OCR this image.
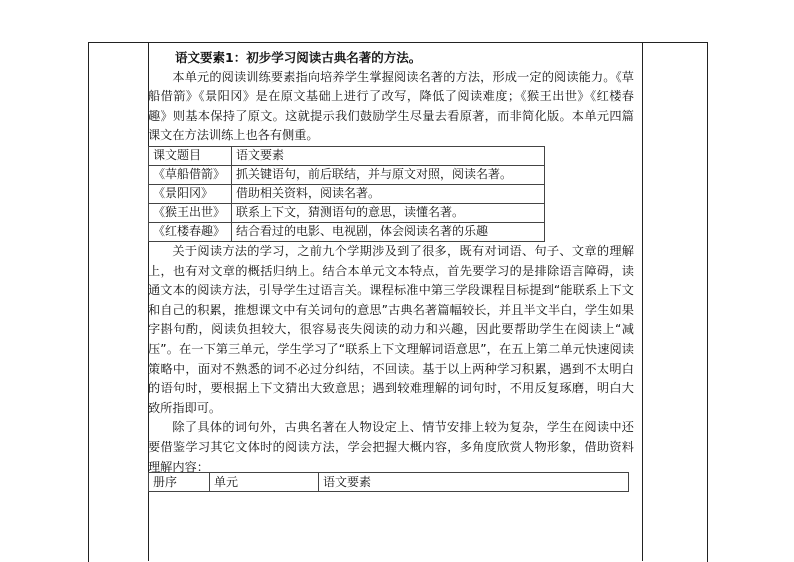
语文要素1：初步学习阅读古典名著的方法。

本单元的阅读训练要素指向培养学生掌握阅读名著的方法，形成一定的阅读能力。《草船借箭》《景阳冈》是在原文基础上进行了改写，降低了阅读难度；《猴王出世》《红楼春趣》则基本保持了原文。这就提示我们鼓励学生尽量去看原著，而非简化版。本单元四篇课文在方法训练上也各有侧重。

课文题目	语文要素
《草船借箭》	抓关键语句，前后联结，并与原文对照，阅读名著。
《景阳冈》	借助相关资料，阅读名著。
《猴王出世》	联系上下文，猜测语句的意思，读懂名著。
《红楼春趣》	结合看过的电影、电视剧，体会阅读名著的乐趣

关于阅读方法的学习，之前九个学期涉及到了很多，既有对词语、句子、文章的理解上，也有对文章的概括归纳上。结合本单元文本特点，首先要学习的是排除语言障碍，读通文本的阅读方法，引导学生过语言关。课程标准中第三学段课程目标提到“能联系上下文和自己的积累，推想课文中有关词句的意思”古典名著篇幅较长，并且半文半白，学生如果字斟句酌，阅读负担较大，很容易丧失阅读的动力和兴趣，因此要帮助学生在阅读上“减压”。在一下第三单元，学生学习了“联系上下文理解词语意思”，在五上第二单元快速阅读策略中，面对不熟悉的词不必过分纠结，不回读。基于以上两种学习积累，遇到不太明白的语句时，要根据上下文猜出大致意思；遇到较难理解的词句时，不用反复琢磨，明白大致所指即可。

除了具体的词句外，古典名著在人物设定上、情节安排上较为复杂，学生在阅读中还要借鉴学习其它文体时的阅读方法，学会把握大概内容，多角度欣赏人物形象，借助资料理解内容：

册序	单元	语文要素
